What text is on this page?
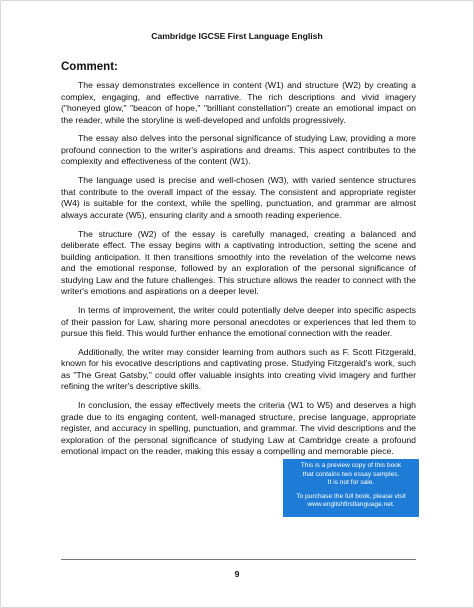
Cambridge IGCSE First Language English
Comment:

The essay demonstrates excellence in content (W1) and structure (W2) by creating a complex, engaging, and effective narrative. The rich descriptions and vivid imagery ("honeyed glow," "beacon of hope," "brilliant constellation") create an emotional impact on the reader, while the storyline is well-developed and unfolds progressively.

The essay also delves into the personal significance of studying Law, providing a more profound connection to the writer's aspirations and dreams. This aspect contributes to the complexity and effectiveness of the content (W1).

The language used is precise and well-chosen (W3), with varied sentence structures that contribute to the overall impact of the essay. The consistent and appropriate register (W4) is suitable for the context, while the spelling, punctuation, and grammar are almost always accurate (W5), ensuring clarity and a smooth reading experience.

The structure (W2) of the essay is carefully managed, creating a balanced and deliberate effect. The essay begins with a captivating introduction, setting the scene and building anticipation. It then transitions smoothly into the revelation of the welcome news and the emotional response, followed by an exploration of the personal significance of studying Law and the future challenges. This structure allows the reader to connect with the writer's emotions and aspirations on a deeper level.

In terms of improvement, the writer could potentially delve deeper into specific aspects of their passion for Law, sharing more personal anecdotes or experiences that led them to pursue this field. This would further enhance the emotional connection with the reader.

Additionally, the writer may consider learning from authors such as F. Scott Fitzgerald, known for his evocative descriptions and captivating prose. Studying Fitzgerald's work, such as "The Great Gatsby," could offer valuable insights into creating vivid imagery and further refining the writer's descriptive skills.

In conclusion, the essay effectively meets the criteria (W1 to W5) and deserves a high grade due to its engaging content, well-managed structure, precise language, appropriate register, and accuracy in spelling, punctuation, and grammar. The vivid descriptions and the exploration of the personal significance of studying Law at Cambridge create a profound emotional impact on the reader, making this essay a compelling and memorable piece.

This is a preview copy of this book
that contains two essay samples.
It is not for sale.
To purchase the full book, please visit
www.englishfirstlanguage.net.
9
